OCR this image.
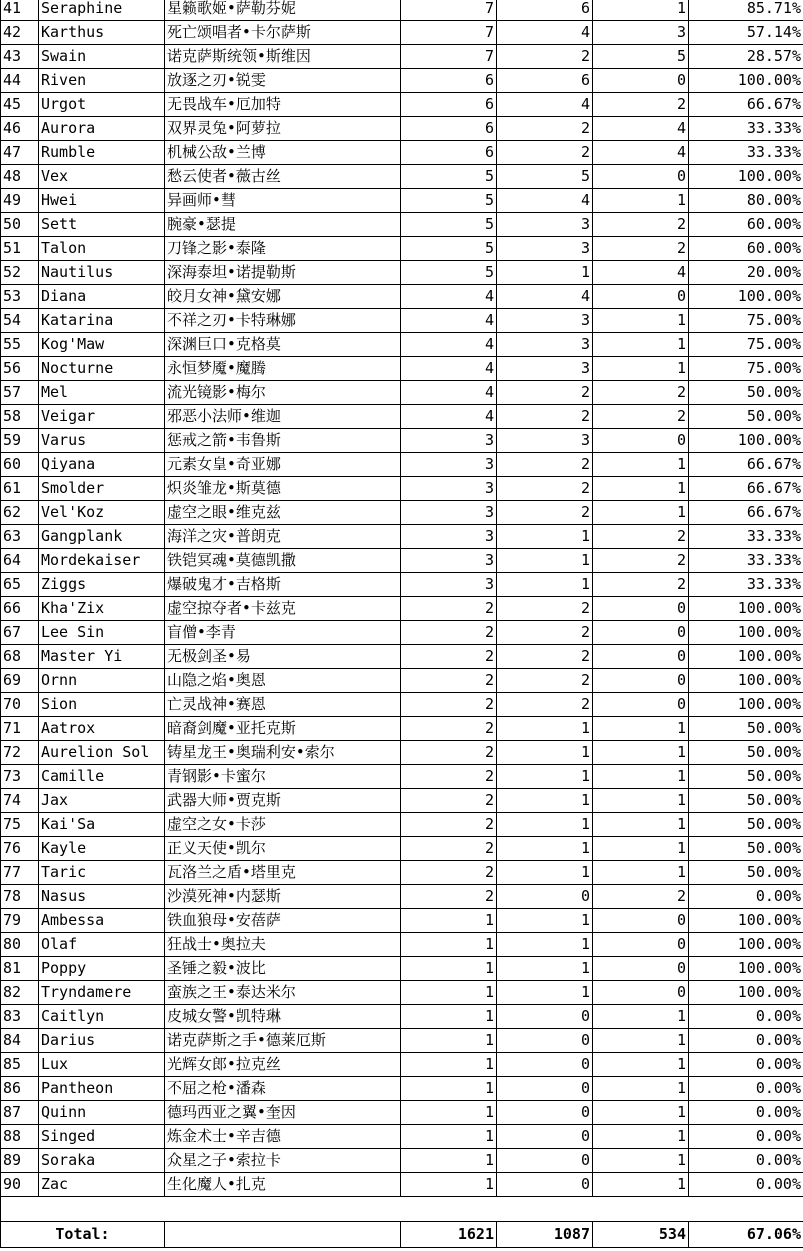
41	Seraphine	星籁歌姬•萨勒芬妮	7	6	1	85.71%
42	Karthus	死亡颂唱者•卡尔萨斯	7	4	3	57.14%
43	Swain	诺克萨斯统领•斯维因	7	2	5	28.57%
44	Riven	放逐之刃•锐雯	6	6	0	100.00%
45	Urgot	无畏战车•厄加特	6	4	2	66.67%
46	Aurora	双界灵兔•阿萝拉	6	2	4	33.33%
47	Rumble	机械公敌•兰博	6	2	4	33.33%
48	Vex	愁云使者•薇古丝	5	5	0	100.00%
49	Hwei	异画师•彗	5	4	1	80.00%
50	Sett	腕豪•瑟提	5	3	2	60.00%
51	Talon	刀锋之影•泰隆	5	3	2	60.00%
52	Nautilus	深海泰坦•诺提勒斯	5	1	4	20.00%
53	Diana	皎月女神•黛安娜	4	4	0	100.00%
54	Katarina	不祥之刃•卡特琳娜	4	3	1	75.00%
55	Kog'Maw	深渊巨口•克格莫	4	3	1	75.00%
56	Nocturne	永恒梦魇•魔腾	4	3	1	75.00%
57	Mel	流光镜影•梅尔	4	2	2	50.00%
58	Veigar	邪恶小法师•维迦	4	2	2	50.00%
59	Varus	惩戒之箭•韦鲁斯	3	3	0	100.00%
60	Qiyana	元素女皇•奇亚娜	3	2	1	66.67%
61	Smolder	炽炎雏龙•斯莫德	3	2	1	66.67%
62	Vel'Koz	虚空之眼•维克兹	3	2	1	66.67%
63	Gangplank	海洋之灾•普朗克	3	1	2	33.33%
64	Mordekaiser	铁铠冥魂•莫德凯撒	3	1	2	33.33%
65	Ziggs	爆破鬼才•吉格斯	3	1	2	33.33%
66	Kha'Zix	虚空掠夺者•卡兹克	2	2	0	100.00%
67	Lee Sin	盲僧•李青	2	2	0	100.00%
68	Master Yi	无极剑圣•易	2	2	0	100.00%
69	Ornn	山隐之焰•奥恩	2	2	0	100.00%
70	Sion	亡灵战神•赛恩	2	2	0	100.00%
71	Aatrox	暗裔剑魔•亚托克斯	2	1	1	50.00%
72	Aurelion Sol	铸星龙王•奥瑞利安•索尔	2	1	1	50.00%
73	Camille	青钢影•卡蜜尔	2	1	1	50.00%
74	Jax	武器大师•贾克斯	2	1	1	50.00%
75	Kai'Sa	虚空之女•卡莎	2	1	1	50.00%
76	Kayle	正义天使•凯尔	2	1	1	50.00%
77	Taric	瓦洛兰之盾•塔里克	2	1	1	50.00%
78	Nasus	沙漠死神•内瑟斯	2	0	2	0.00%
79	Ambessa	铁血狼母•安蓓萨	1	1	0	100.00%
80	Olaf	狂战士•奥拉夫	1	1	0	100.00%
81	Poppy	圣锤之毅•波比	1	1	0	100.00%
82	Tryndamere	蛮族之王•泰达米尔	1	1	0	100.00%
83	Caitlyn	皮城女警•凯特琳	1	0	1	0.00%
84	Darius	诺克萨斯之手•德莱厄斯	1	0	1	0.00%
85	Lux	光辉女郎•拉克丝	1	0	1	0.00%
86	Pantheon	不屈之枪•潘森	1	0	1	0.00%
87	Quinn	德玛西亚之翼•奎因	1	0	1	0.00%
88	Singed	炼金术士•辛吉德	1	0	1	0.00%
89	Soraka	众星之子•索拉卡	1	0	1	0.00%
90	Zac	生化魔人•扎克	1	0	1	0.00%

Total:			1621	1087	534	67.06%
